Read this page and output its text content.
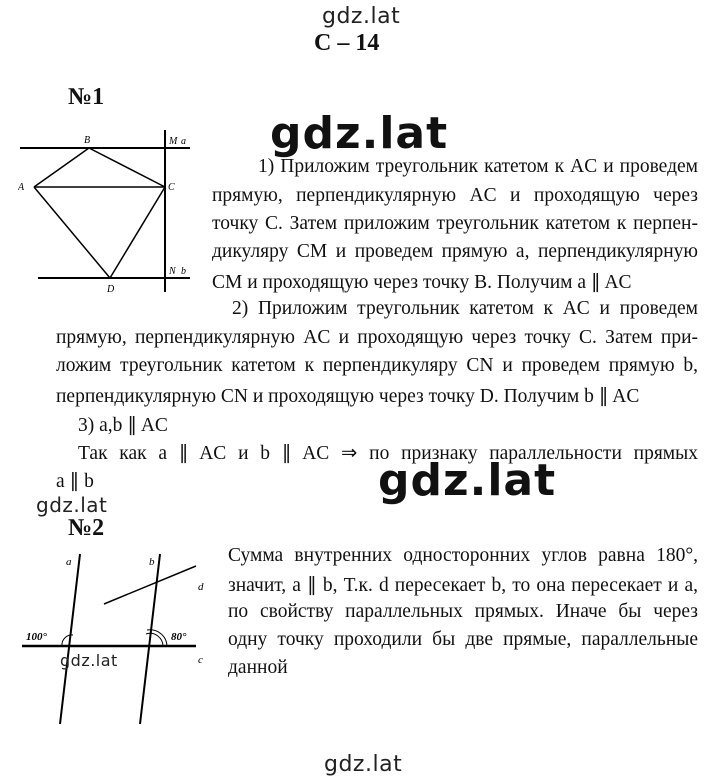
gdz.lat
С – 14
№1
A
B
C
D
M a
N b
gdz.lat
1) Приложим треугольник катетом к AC и проведем
прямую, перпендикулярную AC и проходящую через
точку C. Затем приложим треугольник катетом к перпен-
дикуляру CM и проведем прямую a, перпендикулярную
CM и проходящую через точку B. Получим a ∥ AC
2) Приложим треугольник катетом к AC и проведем
прямую, перпендикулярную AC и проходящую через точку C. Затем при-
ложим треугольник катетом к перпендикуляру CN и проведем прямую b,
перпендикулярную CN и проходящую через точку D. Получим b ∥ AC
3) a,b ∥ AC
Так как a ∥ AC и b ∥ AC ⇒ по признаку параллельности прямых
a ∥ b	gdz.lat
gdz.lat
№2
a	b
d
c
100°	80°
gdz.lat
Сумма внутренних односторонних углов равна 180°,
значит, a ∥ b, Т.к. d пересекает b, то она пересекает и a,
по свойству параллельных прямых. Иначе бы через
одну точку проходили бы две прямые, параллельные
данной
gdz.lat
